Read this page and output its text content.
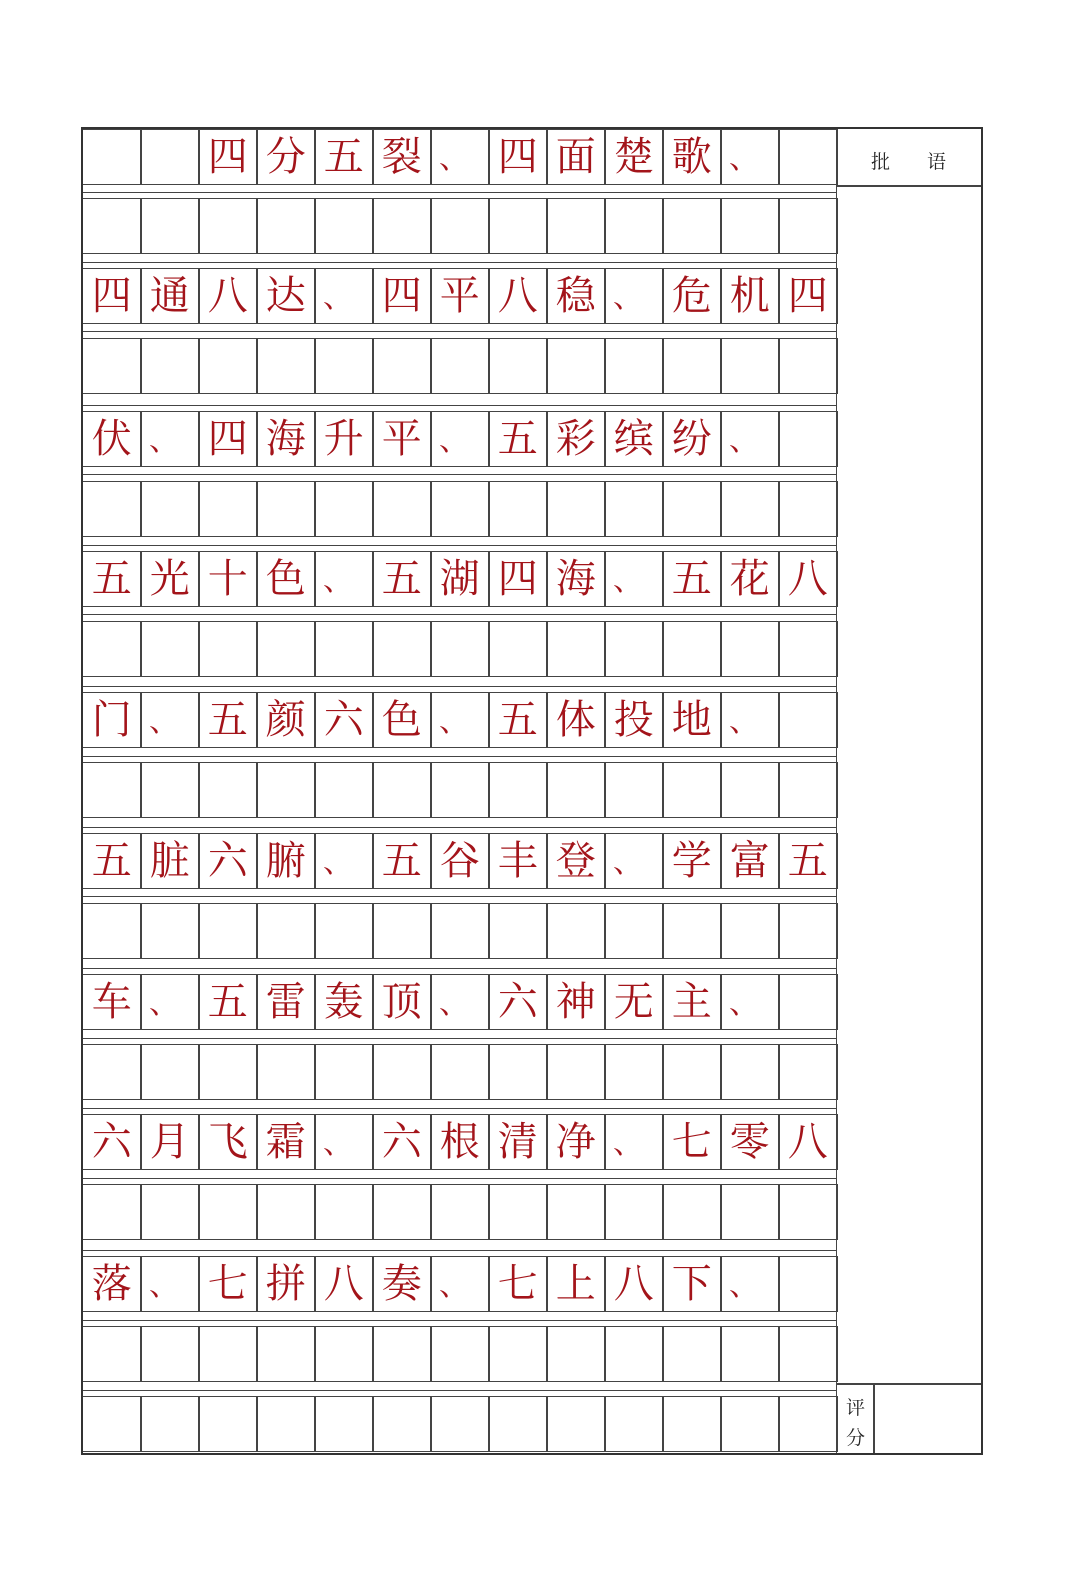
四 分 五 裂 、 四 面 楚 歌 、
四 通 八 达 、 四 平 八 稳 、 危 机 四
伏 、 四 海 升 平 、 五 彩 缤 纷 、
五 光 十 色 、 五 湖 四 海 、 五 花 八
门 、 五 颜 六 色 、 五 体 投 地 、
五 脏 六 腑 、 五 谷 丰 登 、 学 富 五
车 、 五 雷 轰 顶 、 六 神 无 主 、
六 月 飞 霜 、 六 根 清 净 、 七 零 八
落 、 七 拼 八 奏 、 七 上 八 下 、
批 语
评
分
